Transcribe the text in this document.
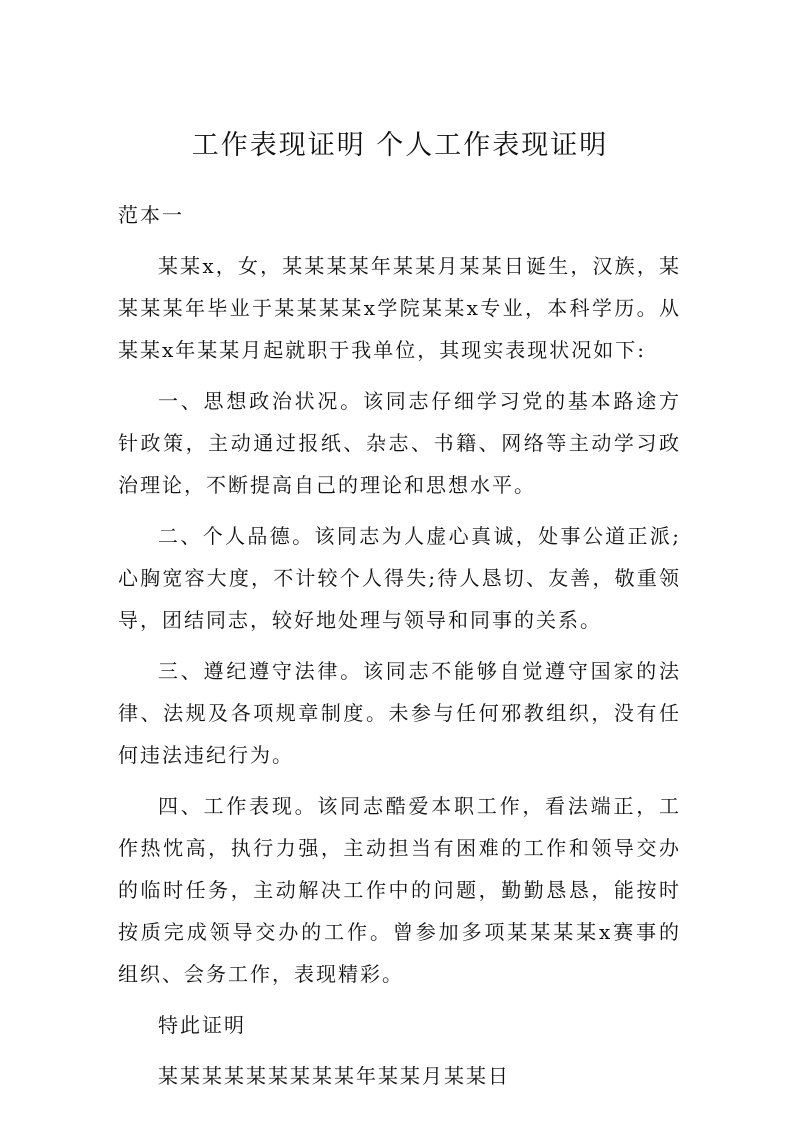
工作表现证明 个人工作表现证明

范本一

某某x，女，某某某某年某某月某某日诞生，汉族，某某某某年毕业于某某某某x学院某某x专业，本科学历。从某某x年某某月起就职于我单位，其现实表现状况如下:

一、思想政治状况。该同志仔细学习党的基本路途方针政策，主动通过报纸、杂志、书籍、网络等主动学习政治理论，不断提高自己的理论和思想水平。

二、个人品德。该同志为人虚心真诚，处事公道正派;心胸宽容大度，不计较个人得失;待人恳切、友善，敬重领导，团结同志，较好地处理与领导和同事的关系。

三、遵纪遵守法律。该同志不能够自觉遵守国家的法律、法规及各项规章制度。未参与任何邪教组织，没有任何违法违纪行为。

四、工作表现。该同志酷爱本职工作，看法端正，工作热忱高，执行力强，主动担当有困难的工作和领导交办的临时任务，主动解决工作中的问题，勤勤恳恳，能按时按质完成领导交办的工作。曾参加多项某某某某x赛事的组织、会务工作，表现精彩。

特此证明

某某某某某某某某某年某某月某某日
